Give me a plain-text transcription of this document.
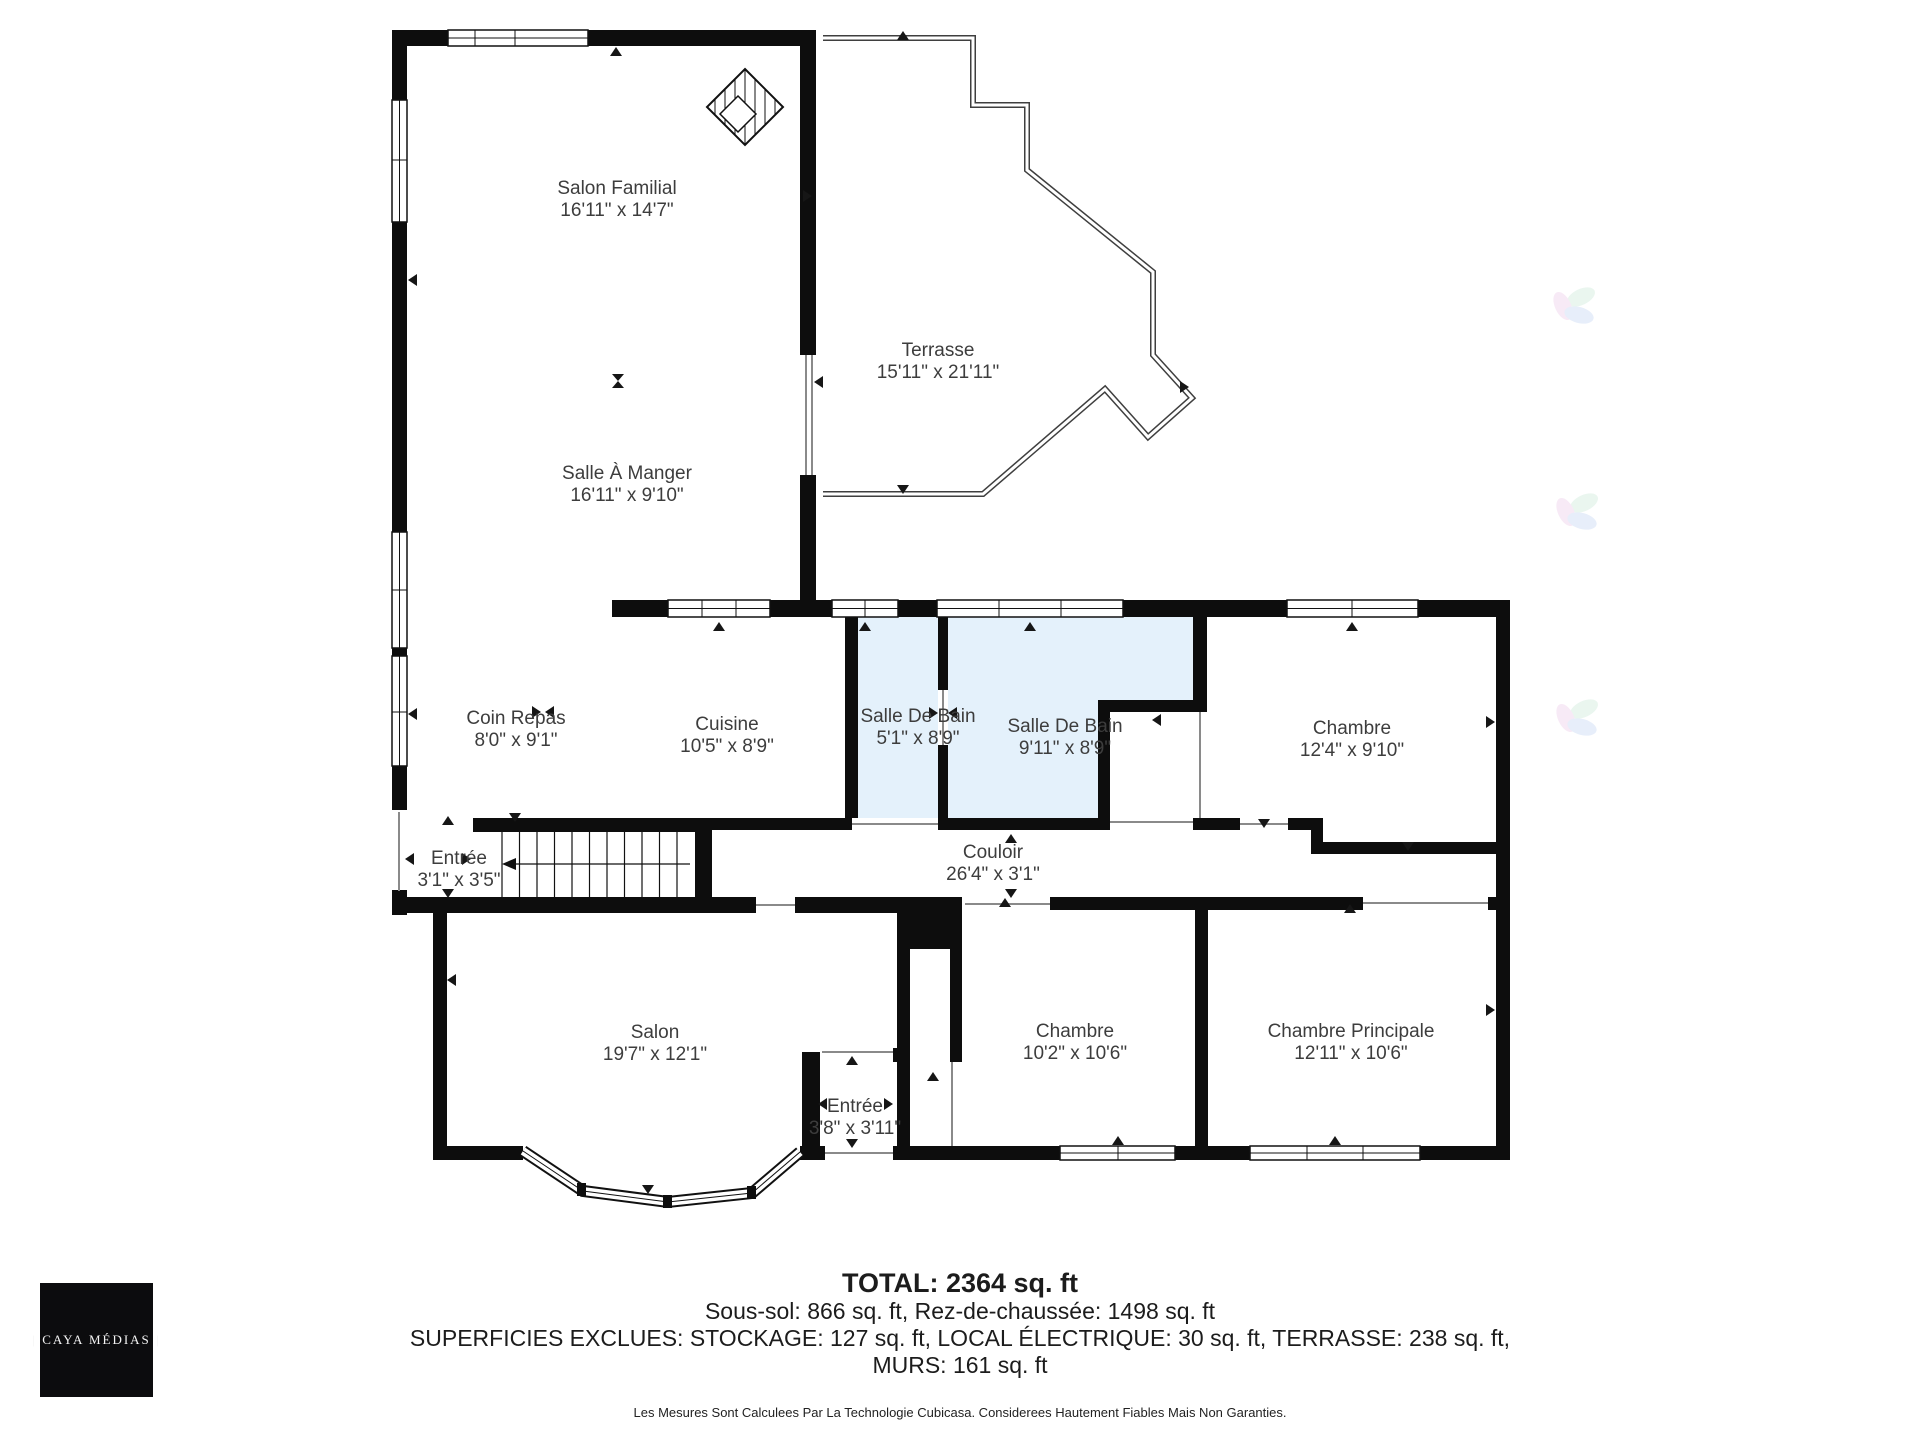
Salon Familial
16'11" x 14'7"
Terrasse
15'11" x 21'11"
Salle À Manger
16'11" x 9'10"
Coin Repas
8'0" x 9'1"
Cuisine
10'5" x 8'9"
Salle De Bain
5'1" x 8'9"
Salle De Bain
9'11" x 8'9"
Chambre
12'4" x 9'10"
Couloir
26'4" x 3'1"
Entrée
3'1" x 3'5"
Salon
19'7" x 12'1"
Entrée
3'8" x 3'11"
Chambre
10'2" x 10'6"
Chambre Principale
12'11" x 10'6"
TOTAL: 2364 sq. ft
Sous-sol: 866 sq. ft, Rez-de-chaussée: 1498 sq. ft
SUPERFICIES EXCLUES: STOCKAGE: 127 sq. ft, LOCAL ÉLECTRIQUE: 30 sq. ft, TERRASSE: 238 sq. ft,
MURS: 161 sq. ft
Les Mesures Sont Calculees Par La Technologie Cubicasa. Considerees Hautement Fiables Mais Non Garanties.
| CAYA MÉDIAS |
